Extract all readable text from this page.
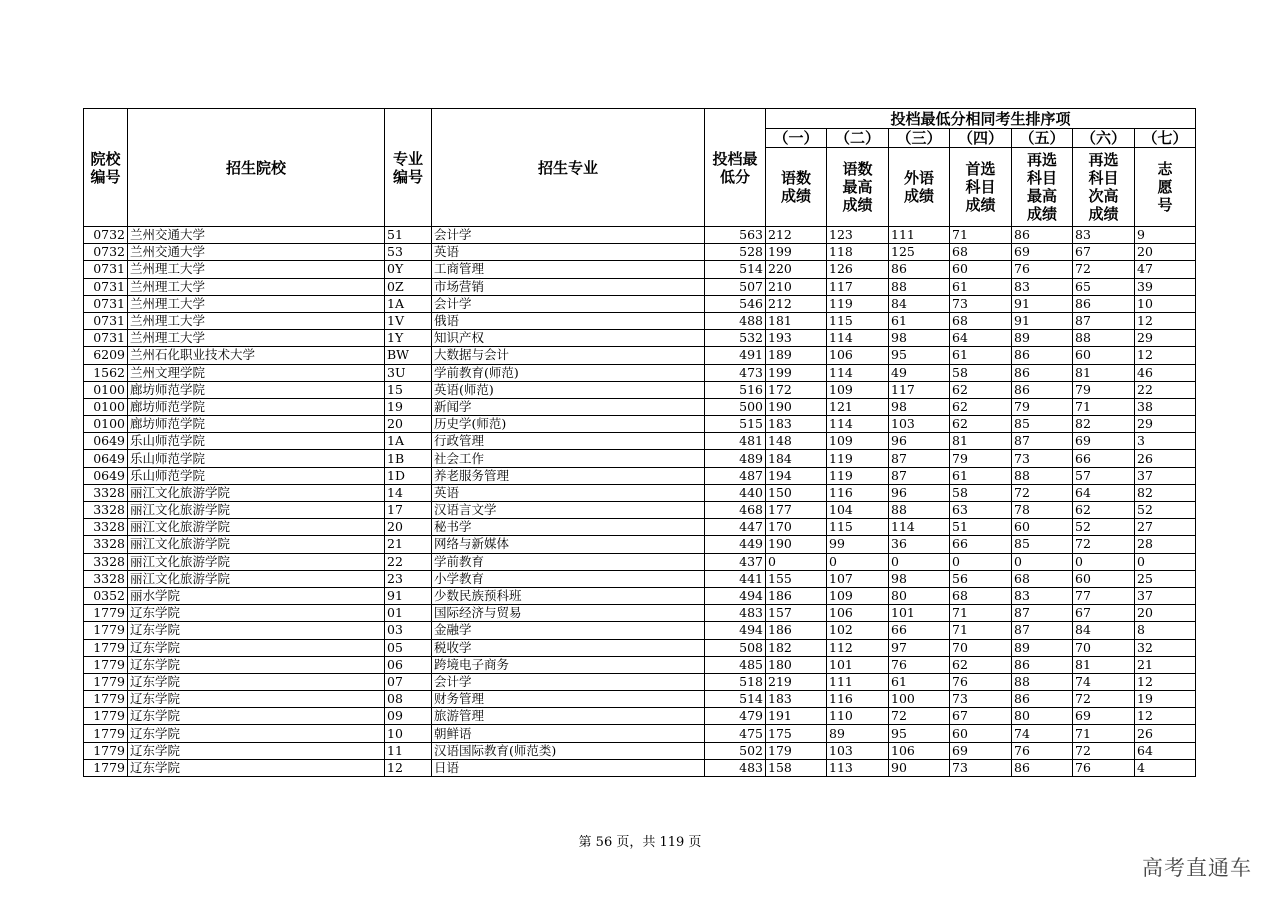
院校编号	招生院校	专业编号	招生专业	投档最低分	投档最低分相同考生排序项						
					（一）	（二）	（三）	（四）	（五）	（六）	（七）
					语数成绩	语数最高成绩	外语成绩	首选科目成绩	再选科目最高成绩	再选科目次高成绩	志愿号
0732	兰州交通大学	51	会计学	563	212	123	111	71	86	83	9
0732	兰州交通大学	53	英语	528	199	118	125	68	69	67	20
0731	兰州理工大学	0Y	工商管理	514	220	126	86	60	76	72	47
0731	兰州理工大学	0Z	市场营销	507	210	117	88	61	83	65	39
0731	兰州理工大学	1A	会计学	546	212	119	84	73	91	86	10
0731	兰州理工大学	1V	俄语	488	181	115	61	68	91	87	12
0731	兰州理工大学	1Y	知识产权	532	193	114	98	64	89	88	29
6209	兰州石化职业技术大学	BW	大数据与会计	491	189	106	95	61	86	60	12
1562	兰州文理学院	3U	学前教育(师范)	473	199	114	49	58	86	81	46
0100	廊坊师范学院	15	英语(师范)	516	172	109	117	62	86	79	22
0100	廊坊师范学院	19	新闻学	500	190	121	98	62	79	71	38
0100	廊坊师范学院	20	历史学(师范)	515	183	114	103	62	85	82	29
0649	乐山师范学院	1A	行政管理	481	148	109	96	81	87	69	3
0649	乐山师范学院	1B	社会工作	489	184	119	87	79	73	66	26
0649	乐山师范学院	1D	养老服务管理	487	194	119	87	61	88	57	37
3328	丽江文化旅游学院	14	英语	440	150	116	96	58	72	64	82
3328	丽江文化旅游学院	17	汉语言文学	468	177	104	88	63	78	62	52
3328	丽江文化旅游学院	20	秘书学	447	170	115	114	51	60	52	27
3328	丽江文化旅游学院	21	网络与新媒体	449	190	99	36	66	85	72	28
3328	丽江文化旅游学院	22	学前教育	437	0	0	0	0	0	0	0
3328	丽江文化旅游学院	23	小学教育	441	155	107	98	56	68	60	25
0352	丽水学院	91	少数民族预科班	494	186	109	80	68	83	77	37
1779	辽东学院	01	国际经济与贸易	483	157	106	101	71	87	67	20
1779	辽东学院	03	金融学	494	186	102	66	71	87	84	8
1779	辽东学院	05	税收学	508	182	112	97	70	89	70	32
1779	辽东学院	06	跨境电子商务	485	180	101	76	62	86	81	21
1779	辽东学院	07	会计学	518	219	111	61	76	88	74	12
1779	辽东学院	08	财务管理	514	183	116	100	73	86	72	19
1779	辽东学院	09	旅游管理	479	191	110	72	67	80	69	12
1779	辽东学院	10	朝鲜语	475	175	89	95	60	74	71	26
1779	辽东学院	11	汉语国际教育(师范类)	502	179	103	106	69	76	72	64
1779	辽东学院	12	日语	483	158	113	90	73	86	76	4
第 56 页，共 119 页
高考直通车
